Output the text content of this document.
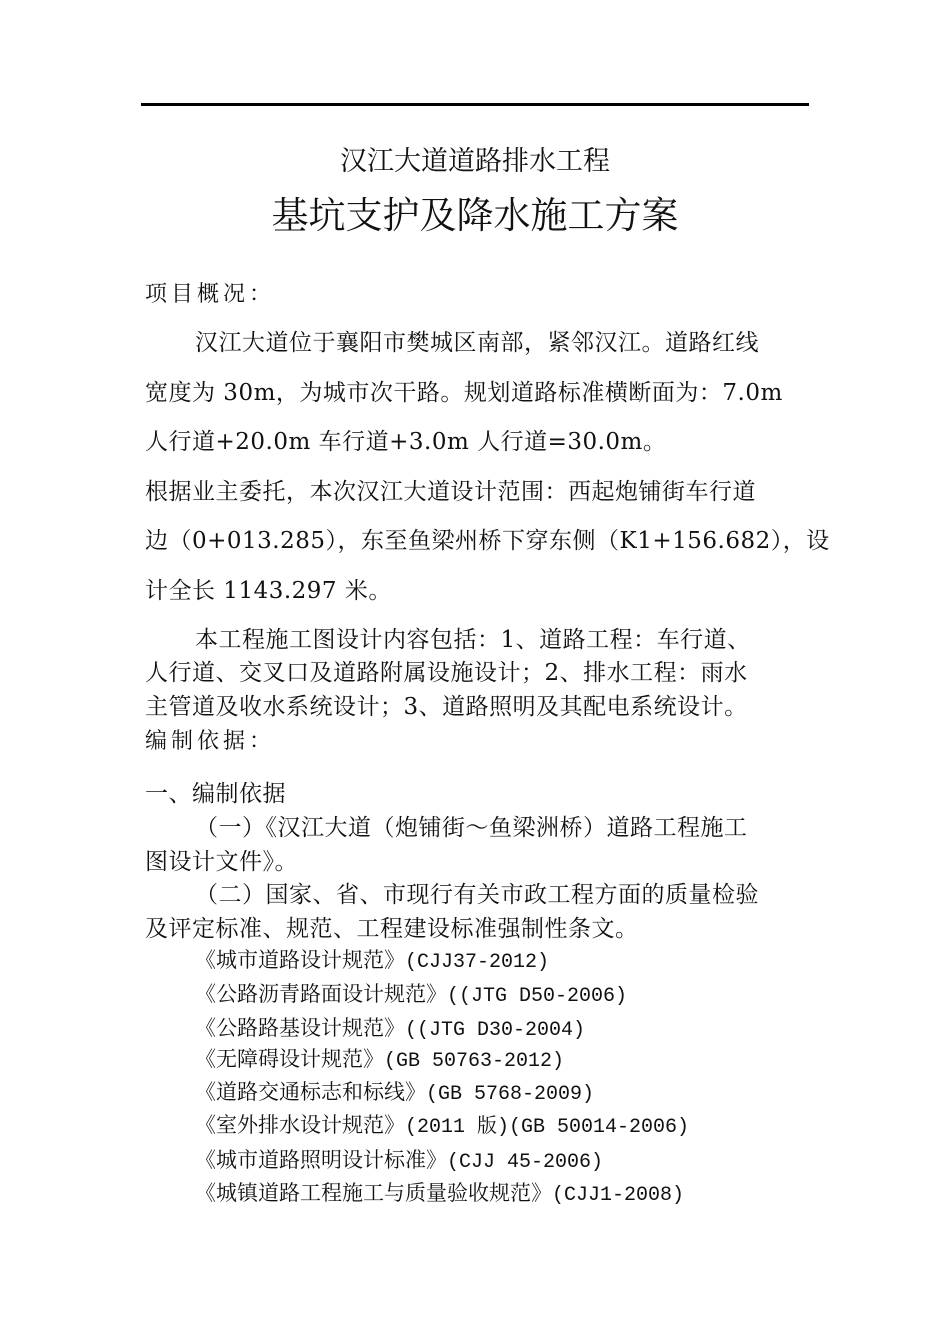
汉江大道道路排水工程
基坑支护及降水施工方案
项目概况：
汉江大道位于襄阳市樊城区南部，紧邻汉江。道路红线
宽度为 30m，为城市次干路。规划道路标准横断面为：7.0m
人行道+20.0m 车行道+3.0m 人行道=30.0m。
根据业主委托，本次汉江大道设计范围：西起炮铺街车行道
边（0+013.285），东至鱼梁州桥下穿东侧（K1+156.682），设
计全长 1143.297 米。
本工程施工图设计内容包括：1、道路工程：车行道、
人行道、交叉口及道路附属设施设计；2、排水工程：雨水
主管道及收水系统设计；3、道路照明及其配电系统设计。
编制依据：
一、编制依据
（一）《汉江大道（炮铺街～鱼梁洲桥）道路工程施工
图设计文件》。
（二）国家、省、市现行有关市政工程方面的质量检验
及评定标准、规范、工程建设标准强制性条文。
《城市道路设计规范》(CJJ37-2012)
《公路沥青路面设计规范》((JTG D50-2006)
《公路路基设计规范》((JTG D30-2004)
《无障碍设计规范》(GB 50763-2012)
《道路交通标志和标线》(GB 5768-2009)
《室外排水设计规范》(2011 版)(GB 50014-2006)
《城市道路照明设计标准》(CJJ 45-2006)
《城镇道路工程施工与质量验收规范》(CJJ1-2008)
